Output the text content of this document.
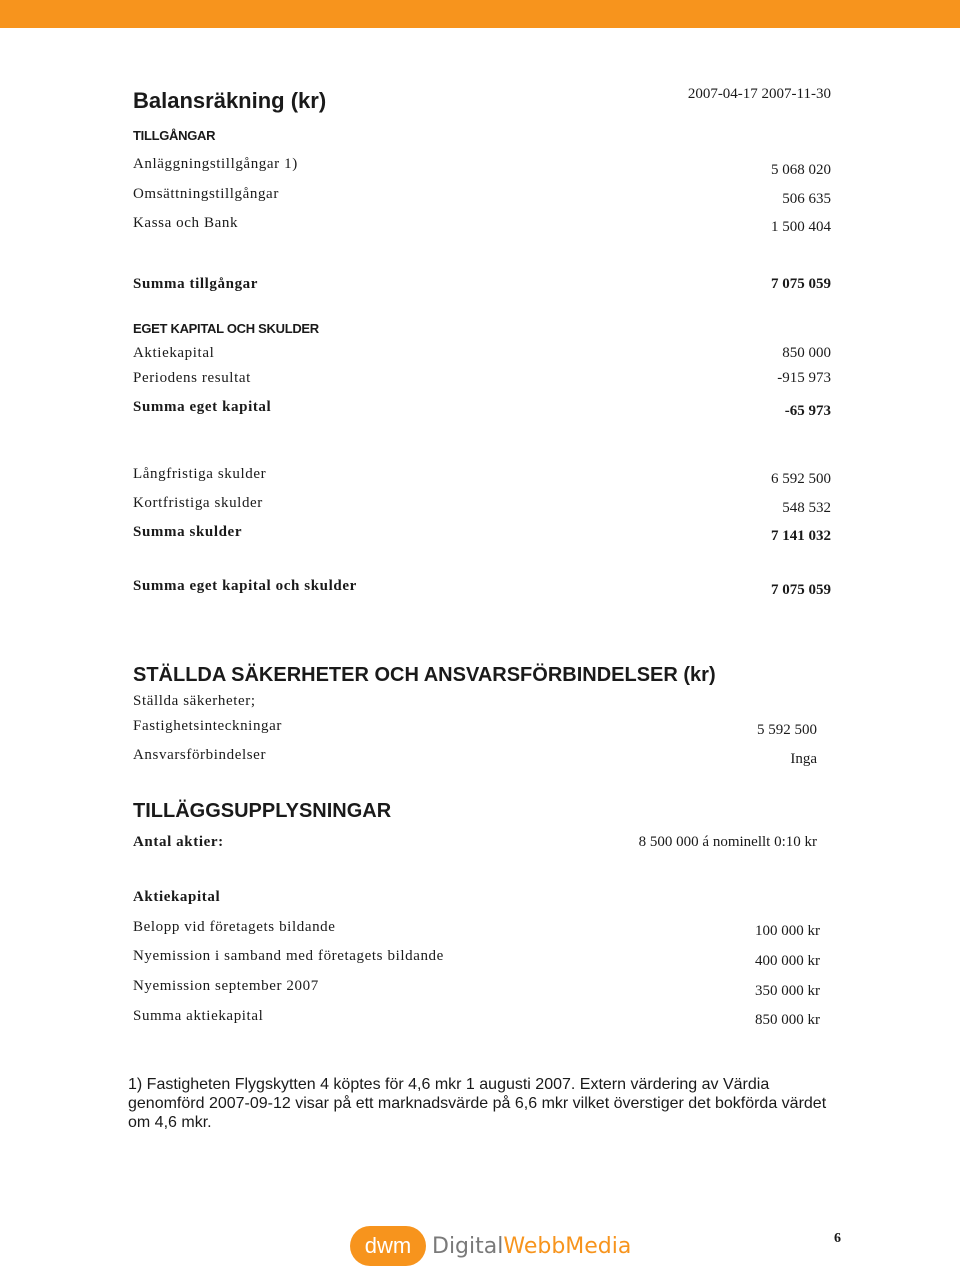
Balansräkning (kr)	2007-04-17 2007-11-30
TILLGÅNGAR
Anläggningstillgångar 1)	5 068 020
Omsättningstillgångar	506 635
Kassa och Bank	1 500 404
Summa tillgångar	7 075 059
EGET KAPITAL OCH SKULDER
Aktiekapital	850 000
Periodens resultat	-915 973
Summa eget kapital	-65 973
Långfristiga skulder	6 592 500
Kortfristiga skulder	548 532
Summa skulder	7 141 032
Summa eget kapital och skulder	7 075 059
STÄLLDA SÄKERHETER OCH ANSVARSFÖRBINDELSER (kr)
Ställda säkerheter;
Fastighetsinteckningar	5 592 500
Ansvarsförbindelser	Inga
TILLÄGGSUPPLYSNINGAR
Antal aktier:	8 500 000 á nominellt 0:10 kr
Aktiekapital
Belopp vid företagets bildande	100 000 kr
Nyemission i samband med företagets bildande	400 000 kr
Nyemission september 2007	350 000 kr
Summa aktiekapital	850 000 kr
1) Fastigheten Flygskytten 4 köptes för 4,6 mkr 1 augusti 2007. Extern värdering av Värdia genomförd 2007-09-12 visar på ett marknadsvärde på 6,6 mkr vilket överstiger det bokförda värdet om 4,6 mkr.
dwm DigitalWebbMedia	6
